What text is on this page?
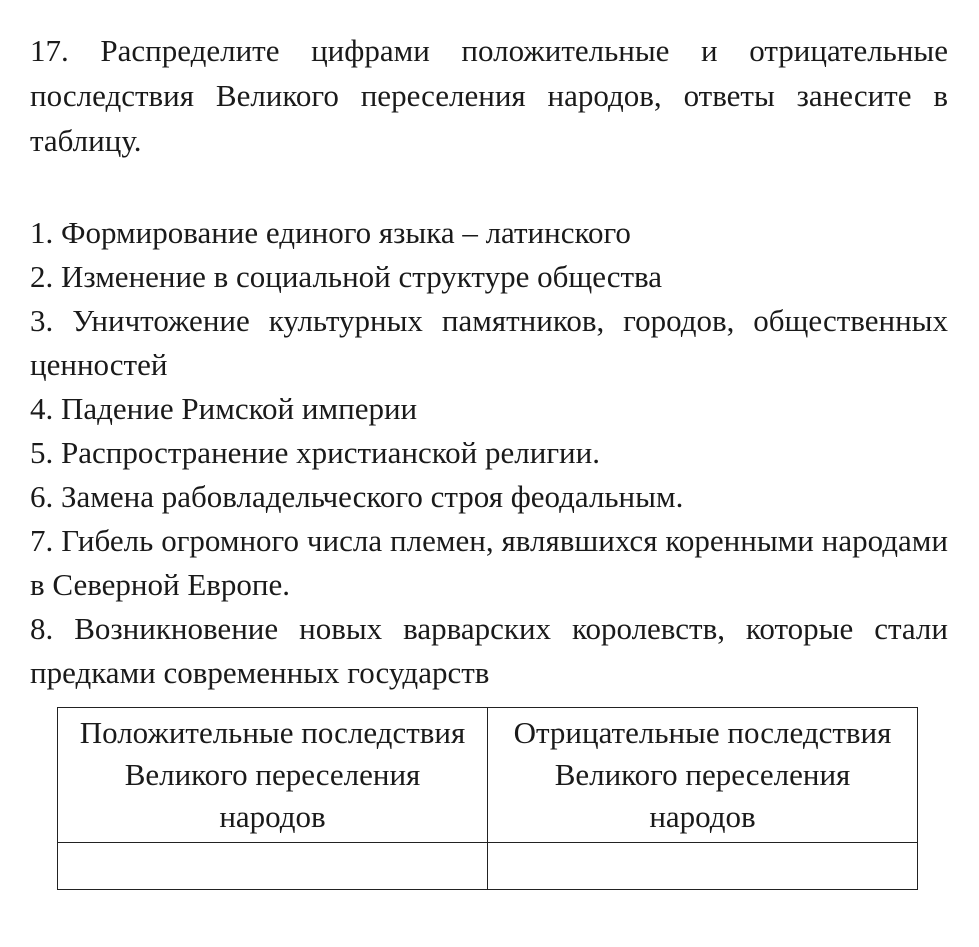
17. Распределите цифрами положительные и отрицательные последствия Великого переселения народов, ответы занесите в таблицу.

1. Формирование единого языка – латинского

2. Изменение в социальной структуре общества

3. Уничтожение культурных памятников, городов, общественных ценностей

4. Падение Римской империи

5. Распространение христианской религии.

6. Замена рабовладельческого строя феодальным.

7. Гибель огромного числа племен, являвшихся коренными народами в Северной Европе.

8. Возникновение новых варварских королевств, которые стали предками современных государств

Положительные последствия Великого переселения народов	Отрицательные последствия Великого переселения народов
